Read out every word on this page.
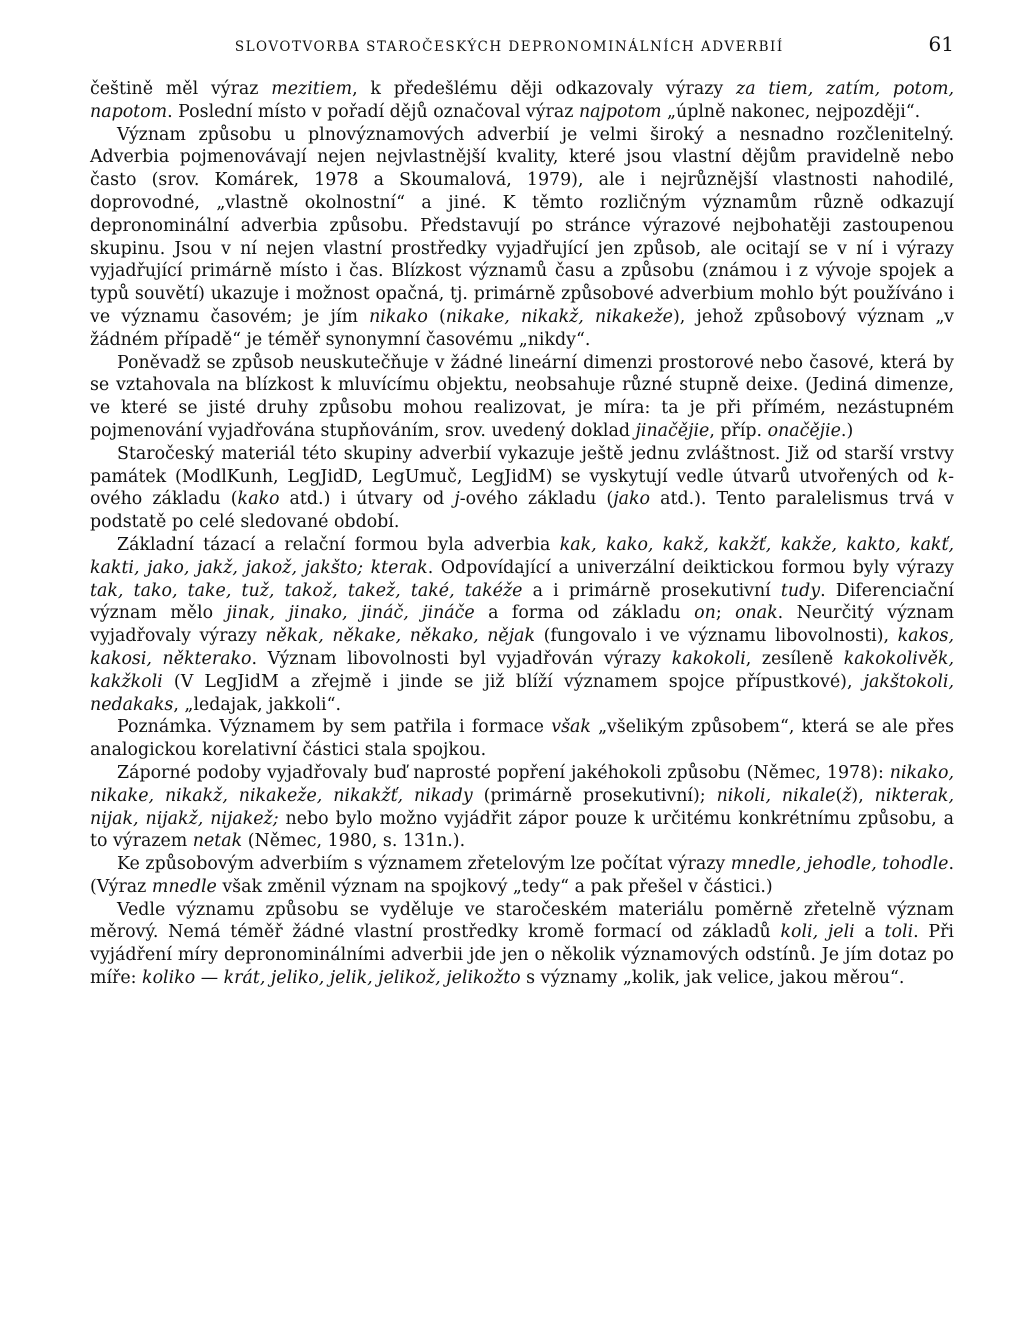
SLOVOTVORBA STAROČESKÝCH DEPRONOMINÁLNÍCH ADVERBIÍ	61

češtině měl výraz mezitiem, k předešlému ději odkazovaly výrazy za tiem, zatím, potom, napotom. Poslední místo v pořadí dějů označoval výraz najpotom „úplně nakonec, nejpozději“.

Význam způsobu u plnovýznamových adverbií je velmi široký a nesnadno rozčlenitelný. Adverbia pojmenovávají nejen nejvlastnější kvality, které jsou vlastní dějům pravidelně nebo často (srov. Komárek, 1978 a Skoumalová, 1979), ale i nejrůznější vlastnosti nahodilé, doprovodné, „vlastně okolnostní“ a jiné. K těmto rozličným významům různě odkazují depronominální adverbia způsobu. Představují po stránce výrazové nejbohatěji zastoupenou skupinu. Jsou v ní nejen vlastní prostředky vyjadřující jen způsob, ale ocitají se v ní i výrazy vyjadřující primárně místo i čas. Blízkost významů času a způsobu (známou i z vývoje spojek a typů souvětí) ukazuje i možnost opačná, tj. primárně způsobové adverbium mohlo být používáno i ve významu časovém; je jím nikako (nikake, nikakž, nikakeže), jehož způsobový význam „v žádném případě“ je téměř synonymní časovému „nikdy“.

Poněvadž se způsob neuskutečňuje v žádné lineární dimenzi prostorové nebo časové, která by se vztahovala na blízkost k mluvícímu objektu, neobsahuje různé stupně deixe. (Jediná dimenze, ve které se jisté druhy způsobu mohou realizovat, je míra: ta je při přímém, nezástupném pojmenování vyjadřována stupňováním, srov. uvedený doklad jinačějie, příp. onačějie.)

Staročeský materiál této skupiny adverbií vykazuje ještě jednu zvláštnost. Již od starší vrstvy památek (ModlKunh, LegJidD, LegUmuč, LegJidM) se vyskytují vedle útvarů utvořených od k-ového základu (kako atd.) i útvary od j-ového základu (jako atd.). Tento paralelismus trvá v podstatě po celé sledované období.

Základní tázací a relační formou byla adverbia kak, kako, kakž, kakžť, kakže, kakto, kakť, kakti, jako, jakž, jakož, jakšto; kterak. Odpovídající a univerzální deiktickou formou byly výrazy tak, tako, take, tuž, takož, takež, také, takéže a i primárně prosekutivní tudy. Diferenciační význam mělo jinak, jinako, jináč, jináče a forma od základu on; onak. Neurčitý význam vyjadřovaly výrazy někak, někake, někako, nějak (fungovalo i ve významu libovolnosti), kakos, kakosi, některako. Význam libovolnosti byl vyjadřován výrazy kakokoli, zesíleně kakokolivěk, kakžkoli (V LegJidM a zřejmě i jinde se již blíží významem spojce přípustkové), jakštokoli, nedakaks, „ledajak, jakkoli“.

Poznámka. Významem by sem patřila i formace však „všelikým způsobem“, která se ale přes analogickou korelativní částici stala spojkou.

Záporné podoby vyjadřovaly buď naprosté popření jakéhokoli způsobu (Němec, 1978): nikako, nikake, nikakž, nikakeže, nikakžť, nikady (primárně prosekutivní); nikoli, nikale(ž), nikterak, nijak, nijakž, nijakež; nebo bylo možno vyjádřit zápor pouze k určitému konkrétnímu způsobu, a to výrazem netak (Němec, 1980, s. 131n.).

Ke způsobovým adverbiím s významem zřetelovým lze počítat výrazy mnedle, jehodle, tohodle. (Výraz mnedle však změnil význam na spojkový „tedy“ a pak přešel v částici.)

Vedle významu způsobu se vyděluje ve staročeském materiálu poměrně zřetelně význam měrový. Nemá téměř žádné vlastní prostředky kromě formací od základů koli, jeli a toli. Při vyjádření míry depronominálními adverbii jde jen o několik významových odstínů. Je jím dotaz po míře: koliko — krát, jeliko, jelik, jelikož, jelikožto s významy „kolik, jak velice, jakou měrou“.
